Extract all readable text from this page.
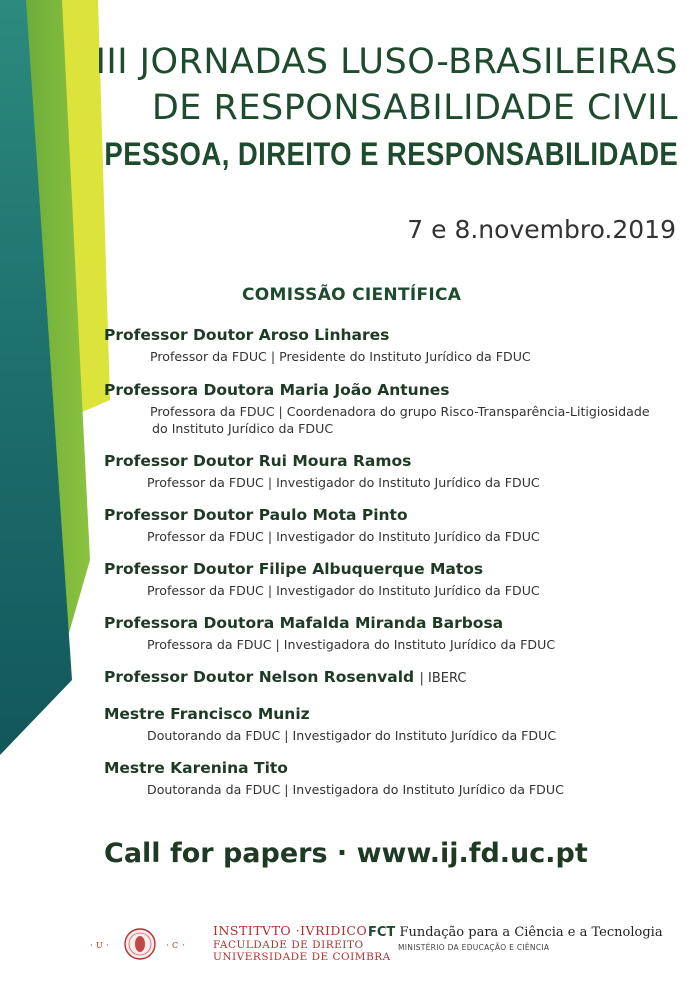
III JORNADAS LUSO-BRASILEIRAS
DE RESPONSABILIDADE CIVIL
PESSOA, DIREITO E RESPONSABILIDADE
7 e 8.novembro.2019
COMISSÃO CIENTÍFICA
Professor Doutor Aroso Linhares
Professor da FDUC | Presidente do Instituto Jurídico da FDUC
Professora Doutora Maria João Antunes
Professora da FDUC | Coordenadora do grupo Risco-Transparência-Litigiosidade
do Instituto Jurídico da FDUC
Professor Doutor Rui Moura Ramos
Professor da FDUC | Investigador do Instituto Jurídico da FDUC
Professor Doutor Paulo Mota Pinto
Professor da FDUC | Investigador do Instituto Jurídico da FDUC
Professor Doutor Filipe Albuquerque Matos
Professor da FDUC | Investigador do Instituto Jurídico da FDUC
Professora Doutora Mafalda Miranda Barbosa
Professora da FDUC | Investigadora do Instituto Jurídico da FDUC
Professor Doutor Nelson Rosenvald | IBERC
Mestre Francisco Muniz
Doutorando da FDUC | Investigador do Instituto Jurídico da FDUC
Mestre Karenina Tito
Doutoranda da FDUC | Investigadora do Instituto Jurídico da FDUC
Call for papers · www.ij.fd.uc.pt
· U ·	· C ·
INSTITVTO ·IVRIDICO
FACULDADE DE DIREITO
UNIVERSIDADE DE COIMBRA
FCT Fundação para a Ciência e a Tecnologia
MINISTÉRIO DA EDUCAÇÃO E CIÊNCIA
